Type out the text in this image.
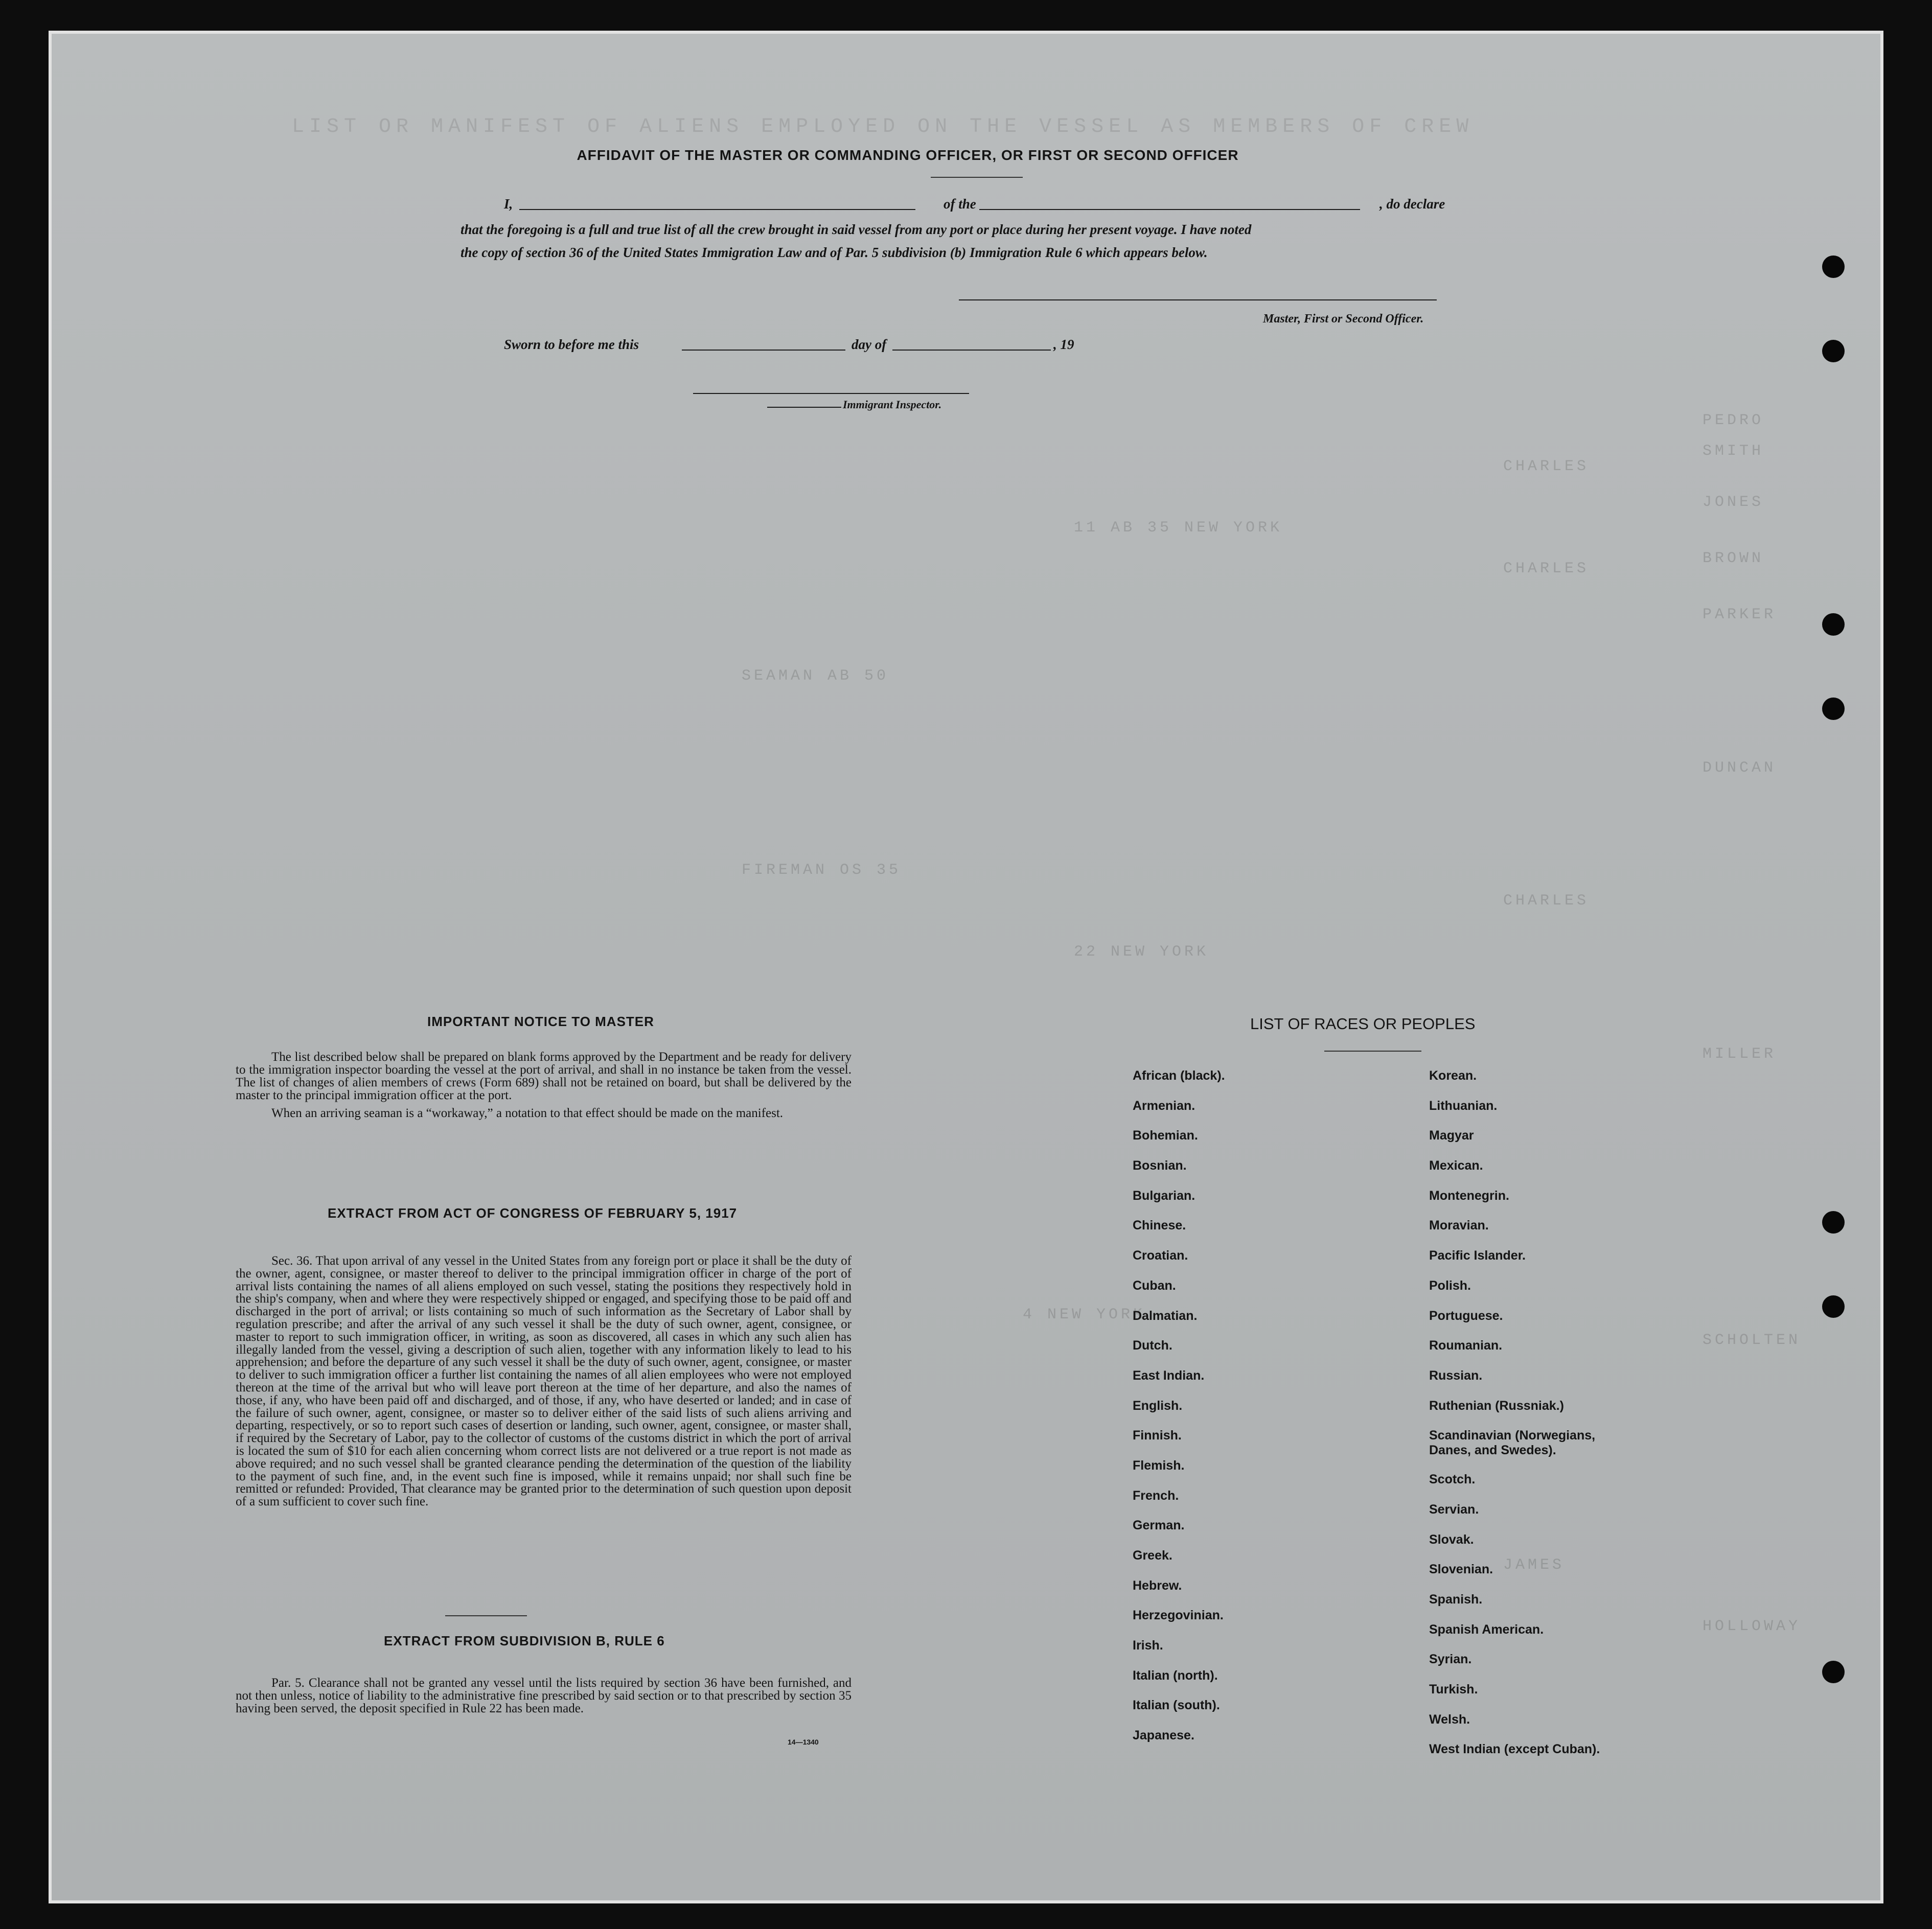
LIST OR MANIFEST OF ALIENS EMPLOYED ON THE VESSEL AS MEMBERS OF CREW
PEDRO
SMITH
JONES
BROWN
PARKER
CHARLES
CHARLES
CHARLES
11 AB 35 NEW YORK
22 NEW YORK
SEAMAN AB 50
FIREMAN OS 35
DUNCAN
MILLER
SCHOLTEN
HOLLOWAY
JAMES
4 NEW YORK
AFFIDAVIT OF THE MASTER OR COMMANDING OFFICER, OR FIRST OR SECOND OFFICER
I,	of the	, do declare
that the foregoing is a full and true list of all the crew brought in said vessel from any port or place during her present voyage. I have noted
the copy of section 36 of the United States Immigration Law and of Par. 5 subdivision (b) Immigration Rule 6 which appears below.
Master, First or Second Officer.
Sworn to before me this	day of	, 19
Immigrant Inspector.
IMPORTANT NOTICE TO MASTER

The list described below shall be prepared on blank forms approved by the Department and be ready for delivery to the immigration inspector boarding the vessel at the port of arrival, and shall in no instance be taken from the vessel. The list of changes of alien members of crews (Form 689) shall not be retained on board, but shall be delivered by the master to the principal immigration officer at the port.

When an arriving seaman is a “workaway,” a notation to that effect should be made on the manifest.

EXTRACT FROM ACT OF CONGRESS OF FEBRUARY 5, 1917

Sec. 36. That upon arrival of any vessel in the United States from any foreign port or place it shall be the duty of the owner, agent, consignee, or master thereof to deliver to the principal immigration officer in charge of the port of arrival lists containing the names of all aliens employed on such vessel, stating the positions they respectively hold in the ship's company, when and where they were respectively shipped or engaged, and specifying those to be paid off and discharged in the port of arrival; or lists containing so much of such information as the Secretary of Labor shall by regulation prescribe; and after the arrival of any such vessel it shall be the duty of such owner, agent, consignee, or master to report to such immigration officer, in writing, as soon as discovered, all cases in which any such alien has illegally landed from the vessel, giving a description of such alien, together with any information likely to lead to his apprehension; and before the departure of any such vessel it shall be the duty of such owner, agent, consignee, or master to deliver to such immigration officer a further list containing the names of all alien employees who were not employed thereon at the time of the arrival but who will leave port thereon at the time of her departure, and also the names of those, if any, who have been paid off and discharged, and of those, if any, who have deserted or landed; and in case of the failure of such owner, agent, consignee, or master so to deliver either of the said lists of such aliens arriving and departing, respectively, or so to report such cases of desertion or landing, such owner, agent, consignee, or master shall, if required by the Secretary of Labor, pay to the collector of customs of the customs district in which the port of arrival is located the sum of $10 for each alien concerning whom correct lists are not delivered or a true report is not made as above required; and no such vessel shall be granted clearance pending the determination of the question of the liability to the payment of such fine, and, in the event such fine is imposed, while it remains unpaid; nor shall such fine be remitted or refunded: Provided, That clearance may be granted prior to the determination of such question upon deposit of a sum sufficient to cover such fine.

EXTRACT FROM SUBDIVISION B, RULE 6

Par. 5. Clearance shall not be granted any vessel until the lists required by section 36 have been furnished, and not then unless, notice of liability to the administrative fine prescribed by said section or to that prescribed by section 35 having been served, the deposit specified in Rule 22 has been made.

14—1340
LIST OF RACES OR PEOPLES
African (black).
Armenian.
Bohemian.
Bosnian.
Bulgarian.
Chinese.
Croatian.
Cuban.
Dalmatian.
Dutch.
East Indian.
English.
Finnish.
Flemish.
French.
German.
Greek.
Hebrew.
Herzegovinian.
Irish.
Italian (north).
Italian (south).
Japanese.
Korean.
Lithuanian.
Magyar
Mexican.
Montenegrin.
Moravian.
Pacific Islander.
Polish.
Portuguese.
Roumanian.
Russian.
Ruthenian (Russniak.)
Scandinavian (Norwegians, Danes, and Swedes).
Scotch.
Servian.
Slovak.
Slovenian.
Spanish.
Spanish American.
Syrian.
Turkish.
Welsh.
West Indian (except Cuban).
